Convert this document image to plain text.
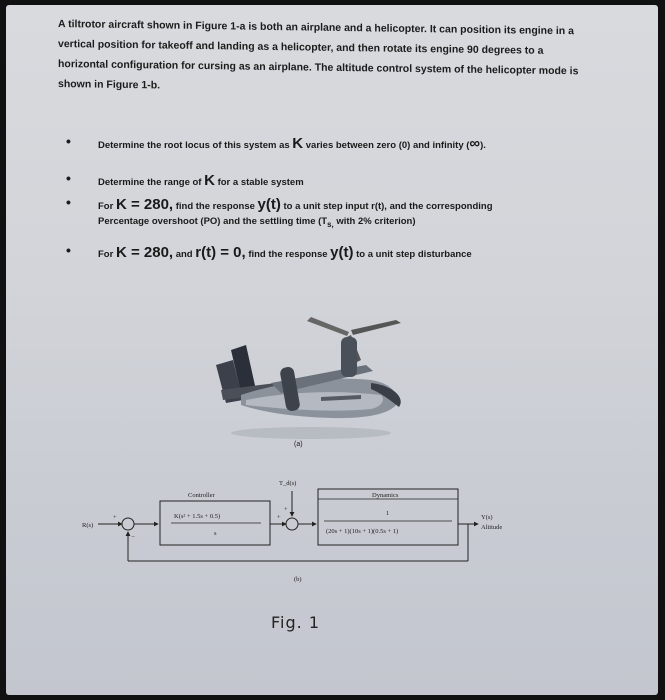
A tiltrotor aircraft shown in Figure 1-a is both an airplane and a helicopter. It can position its engine in a

vertical position for takeoff and landing as a helicopter, and then rotate its engine 90 degrees to a

horizontal configuration for cursing as an airplane. The altitude control system of the helicopter mode is

shown in Figure 1-b.

•	Determine the root locus of this system as K varies between zero (0) and infinity (∞).
•	Determine the range of K for a stable system
•	For K = 280, find the response y(t) to a unit step input r(t), and the corresponding
•	For K = 280, and r(t) = 0, find the response y(t) to a unit step disturbance
Percentage overshoot (PO) and the settling time ($T_{s,}$ with 2% criterion)
(a)
R(s)
+
−
Controller
K(s² + 1.5s + 0.5)
s
T_d(s)
+
+
Dynamics
1
(20s + 1)(10s + 1)(0.5s + 1)
Y(s)
Altitude
(b)
Fig. 1
